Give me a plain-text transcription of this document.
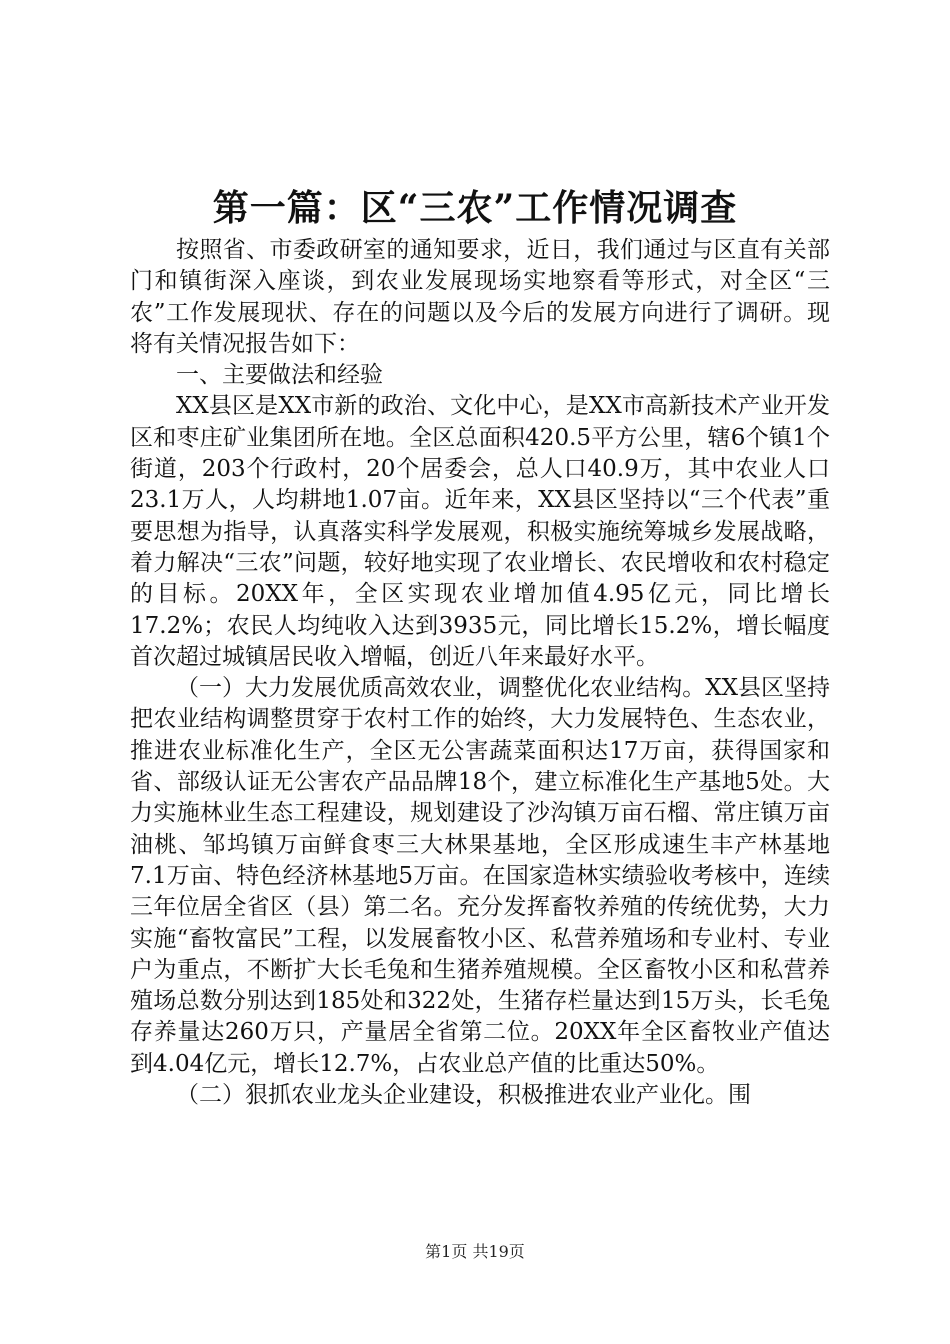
第一篇：区“三农”工作情况调查

按照省、市委政研室的通知要求，近日，我们通过与区直有关部门和镇街深入座谈，到农业发展现场实地察看等形式，对全区“三农”工作发展现状、存在的问题以及今后的发展方向进行了调研。现将有关情况报告如下：

一、主要做法和经验

XX县区是XX市新的政治、文化中心，是XX市高新技术产业开发区和枣庄矿业集团所在地。全区总面积420.5平方公里，辖6个镇1个街道，203个行政村，20个居委会，总人口40.9万，其中农业人口23.1万人，人均耕地1.07亩。近年来，XX县区坚持以“三个代表”重要思想为指导，认真落实科学发展观，积极实施统筹城乡发展战略，着力解决“三农”问题，较好地实现了农业增长、农民增收和农村稳定的目标。20XX年，全区实现农业增加值4.95亿元，同比增长17.2%；农民人均纯收入达到3935元，同比增长15.2%，增长幅度首次超过城镇居民收入增幅，创近八年来最好水平。

（一）大力发展优质高效农业，调整优化农业结构。XX县区坚持把农业结构调整贯穿于农村工作的始终，大力发展特色、生态农业，推进农业标准化生产，全区无公害蔬菜面积达17万亩，获得国家和省、部级认证无公害农产品品牌18个，建立标准化生产基地5处。大力实施林业生态工程建设，规划建设了沙沟镇万亩石榴、常庄镇万亩油桃、邹坞镇万亩鲜食枣三大林果基地，全区形成速生丰产林基地7.1万亩、特色经济林基地5万亩。在国家造林实绩验收考核中，连续三年位居全省区（县）第二名。充分发挥畜牧养殖的传统优势，大力实施“畜牧富民”工程，以发展畜牧小区、私营养殖场和专业村、专业户为重点，不断扩大长毛兔和生猪养殖规模。全区畜牧小区和私营养殖场总数分别达到185处和322处，生猪存栏量达到15万头，长毛兔存养量达260万只，产量居全省第二位。20XX年全区畜牧业产值达到4.04亿元，增长12.7%，占农业总产值的比重达50%。

（二）狠抓农业龙头企业建设，积极推进农业产业化。围

第1页 共19页
